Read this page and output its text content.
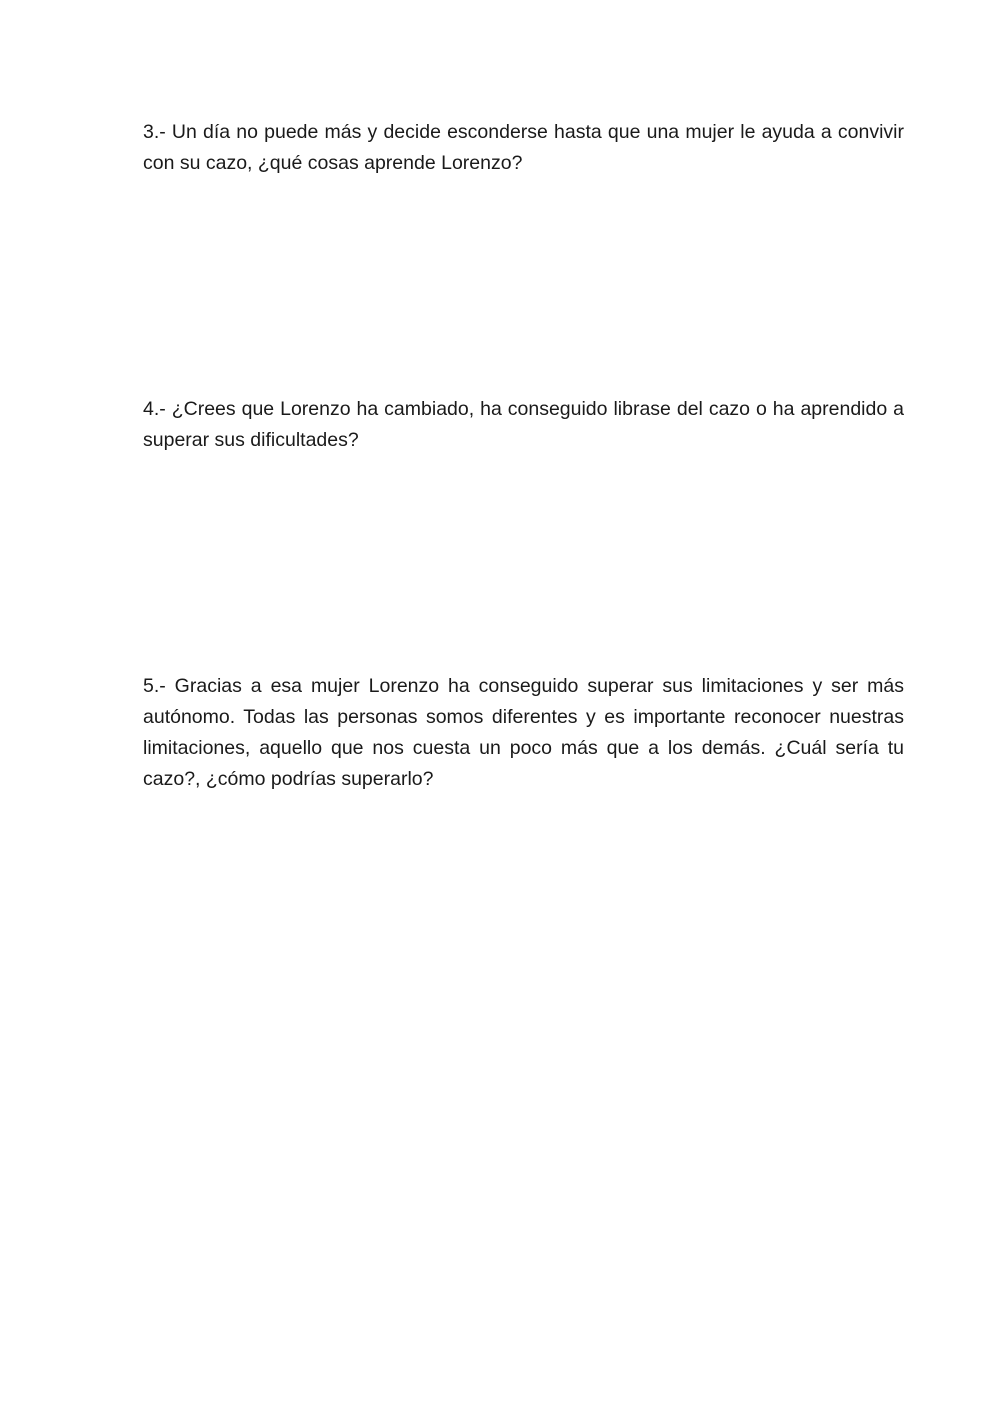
3.- Un día no puede más y decide esconderse hasta que una mujer le ayuda a convivir con su cazo, ¿qué cosas aprende Lorenzo?

4.- ¿Crees que Lorenzo ha cambiado, ha conseguido librase del cazo o ha aprendido a superar sus dificultades?

5.- Gracias a esa mujer Lorenzo ha conseguido superar sus limitaciones y ser más autónomo. Todas las personas somos diferentes y es importante reconocer nuestras limitaciones, aquello que nos cuesta un poco más que a los demás. ¿Cuál sería tu cazo?, ¿cómo podrías superarlo?
